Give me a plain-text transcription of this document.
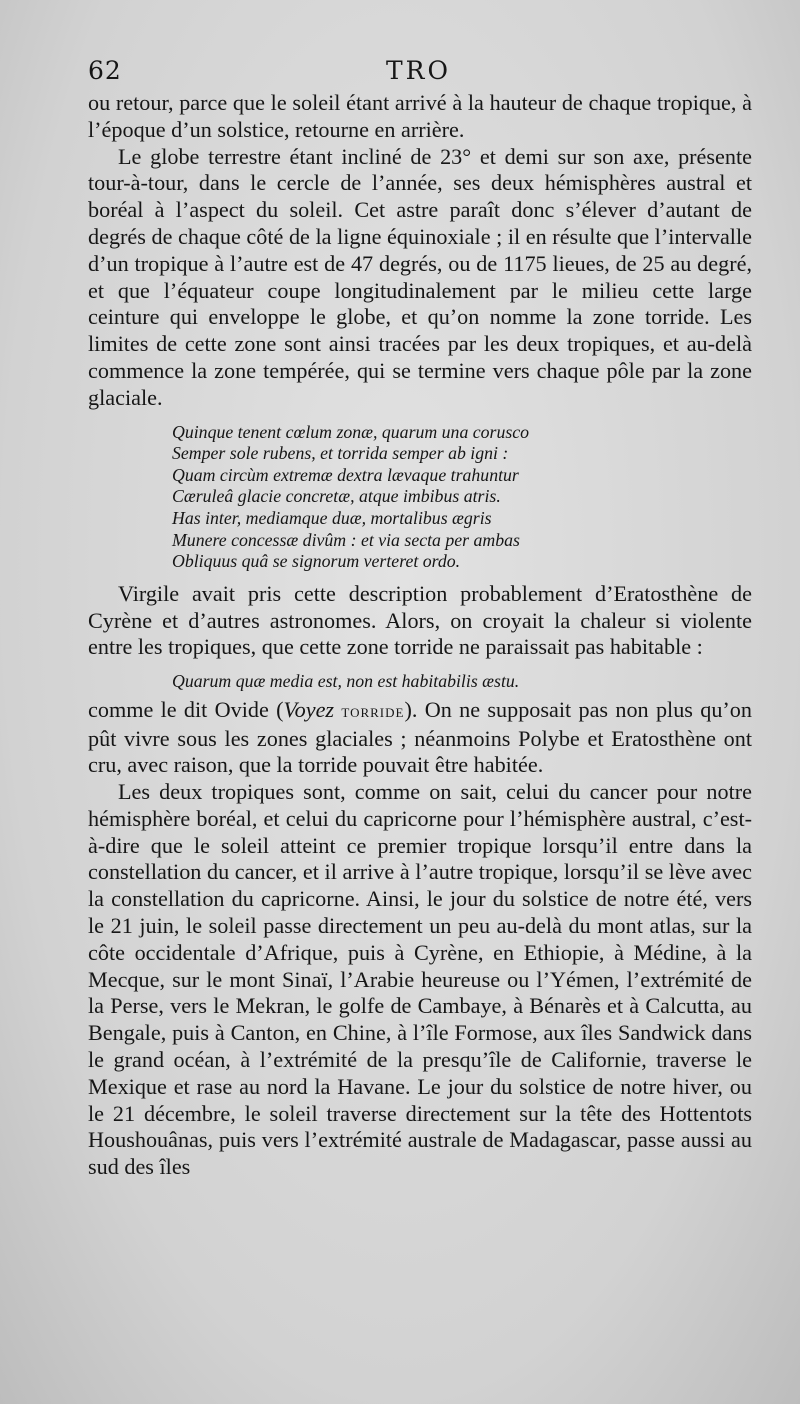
62	TRO

ou retour, parce que le soleil étant arrivé à la hauteur de chaque tropique, à l’époque d’un solstice, retourne en arrière.

Le globe terrestre étant incliné de 23° et demi sur son axe, présente tour-à-tour, dans le cercle de l’année, ses deux hémisphères austral et boréal à l’aspect du soleil. Cet astre paraît donc s’élever d’autant de degrés de chaque côté de la ligne équinoxiale ; il en résulte que l’intervalle d’un tropique à l’autre est de 47 degrés, ou de 1175 lieues, de 25 au degré, et que l’équateur coupe longitudinalement par le milieu cette large ceinture qui enveloppe le globe, et qu’on nomme la zone torride. Les limites de cette zone sont ainsi tracées par les deux tropiques, et au-delà commence la zone tempérée, qui se termine vers chaque pôle par la zone glaciale.

Quinque tenent cœlum zonæ, quarum una corusco
Semper sole rubens, et torrida semper ab igni :
Quam circùm extremæ dextra lævaque trahuntur
Cæruleâ glacie concretæ, atque imbibus atris.
Has inter, mediamque duæ, mortalibus ægris
Munere concessæ divûm : et via secta per ambas
Obliquus quâ se signorum verteret ordo.

Virgile avait pris cette description probablement d’Eratosthène de Cyrène et d’autres astronomes. Alors, on croyait la chaleur si violente entre les tropiques, que cette zone torride ne paraissait pas habitable :

Quarum quæ media est, non est habitabilis æstu.

comme le dit Ovide (Voyez torride). On ne supposait pas non plus qu’on pût vivre sous les zones glaciales ; néanmoins Polybe et Eratosthène ont cru, avec raison, que la torride pouvait être habitée.

Les deux tropiques sont, comme on sait, celui du cancer pour notre hémisphère boréal, et celui du capricorne pour l’hémisphère austral, c’est-à-dire que le soleil atteint ce premier tropique lorsqu’il entre dans la constellation du cancer, et il arrive à l’autre tropique, lorsqu’il se lève avec la constellation du capricorne. Ainsi, le jour du solstice de notre été, vers le 21 juin, le soleil passe directement un peu au-delà du mont atlas, sur la côte occidentale d’Afrique, puis à Cyrène, en Ethiopie, à Médine, à la Mecque, sur le mont Sinaï, l’Arabie heureuse ou l’Yémen, l’extrémité de la Perse, vers le Mekran, le golfe de Cambaye, à Bénarès et à Calcutta, au Bengale, puis à Canton, en Chine, à l’île Formose, aux îles Sandwick dans le grand océan, à l’extrémité de la presqu’île de Californie, traverse le Mexique et rase au nord la Havane. Le jour du solstice de notre hiver, ou le 21 décembre, le soleil traverse directement sur la tête des Hottentots Houshouânas, puis vers l’extrémité australe de Madagascar, passe aussi au sud des îles
